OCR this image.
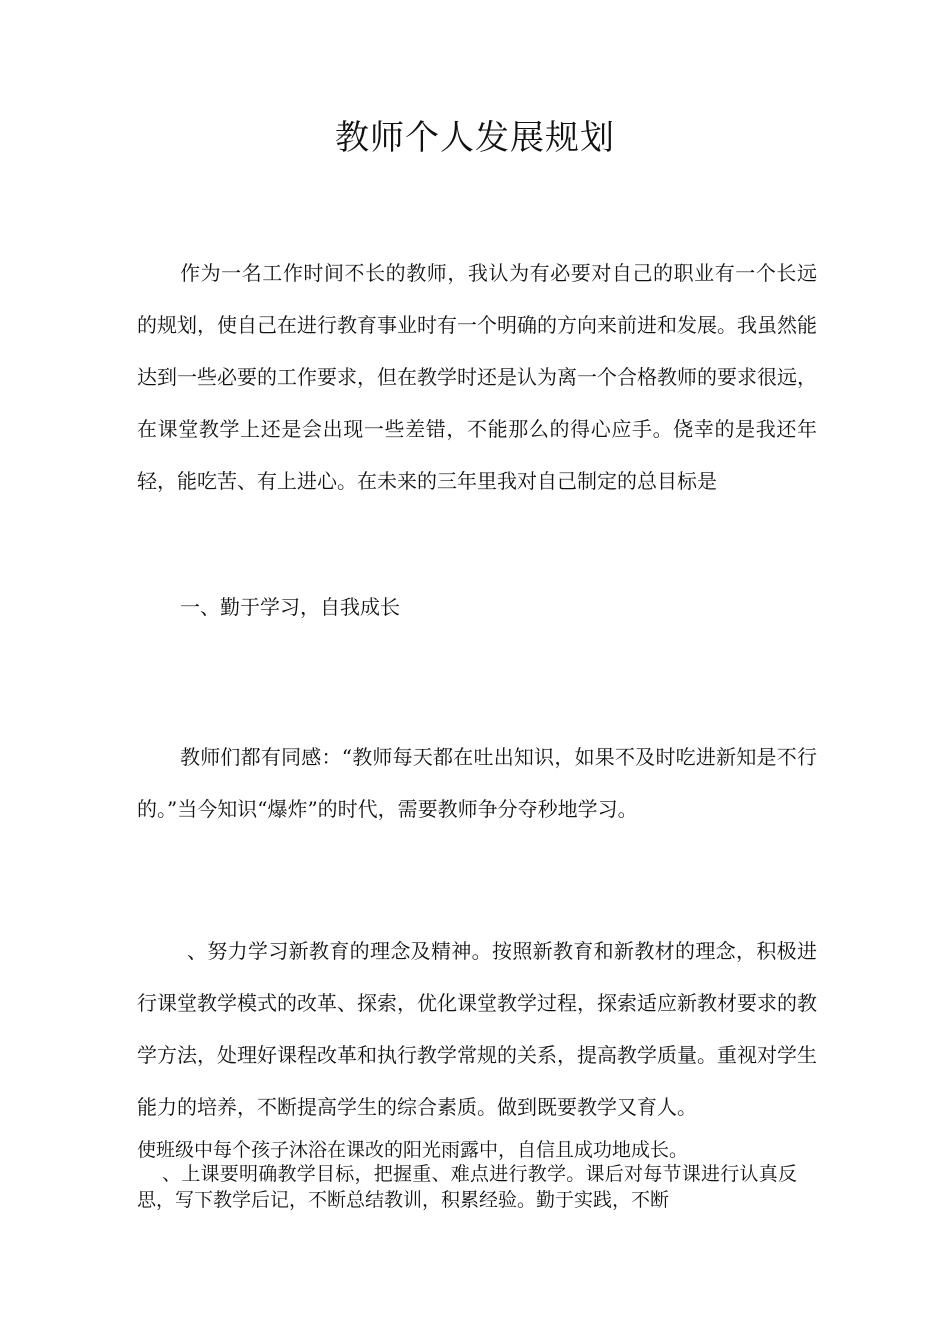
教师个人发展规划

作为一名工作时间不长的教师，我认为有必要对自己的职业有一个长远的规划，使自己在进行教育事业时有一个明确的方向来前进和发展。我虽然能达到一些必要的工作要求，但在教学时还是认为离一个合格教师的要求很远，在课堂教学上还是会出现一些差错，不能那么的得心应手。侥幸的是我还年轻，能吃苦、有上进心。在未来的三年里我对自己制定的总目标是

一、勤于学习，自我成长

教师们都有同感：“教师每天都在吐出知识，如果不及时吃进新知是不行的。”当今知识“爆炸”的时代，需要教师争分夺秒地学习。

、努力学习新教育的理念及精神。按照新教育和新教材的理念，积极进行课堂教学模式的改革、探索，优化课堂教学过程，探索适应新教材要求的教学方法，处理好课程改革和执行教学常规的关系，提高教学质量。重视对学生能力的培养，不断提高学生的综合素质。做到既要教学又育人。

使班级中每个孩子沐浴在课改的阳光雨露中，自信且成功地成长。

、上课要明确教学目标，把握重、难点进行教学。课后对每节课进行认真反思，写下教学后记，不断总结教训，积累经验。勤于实践，不断
